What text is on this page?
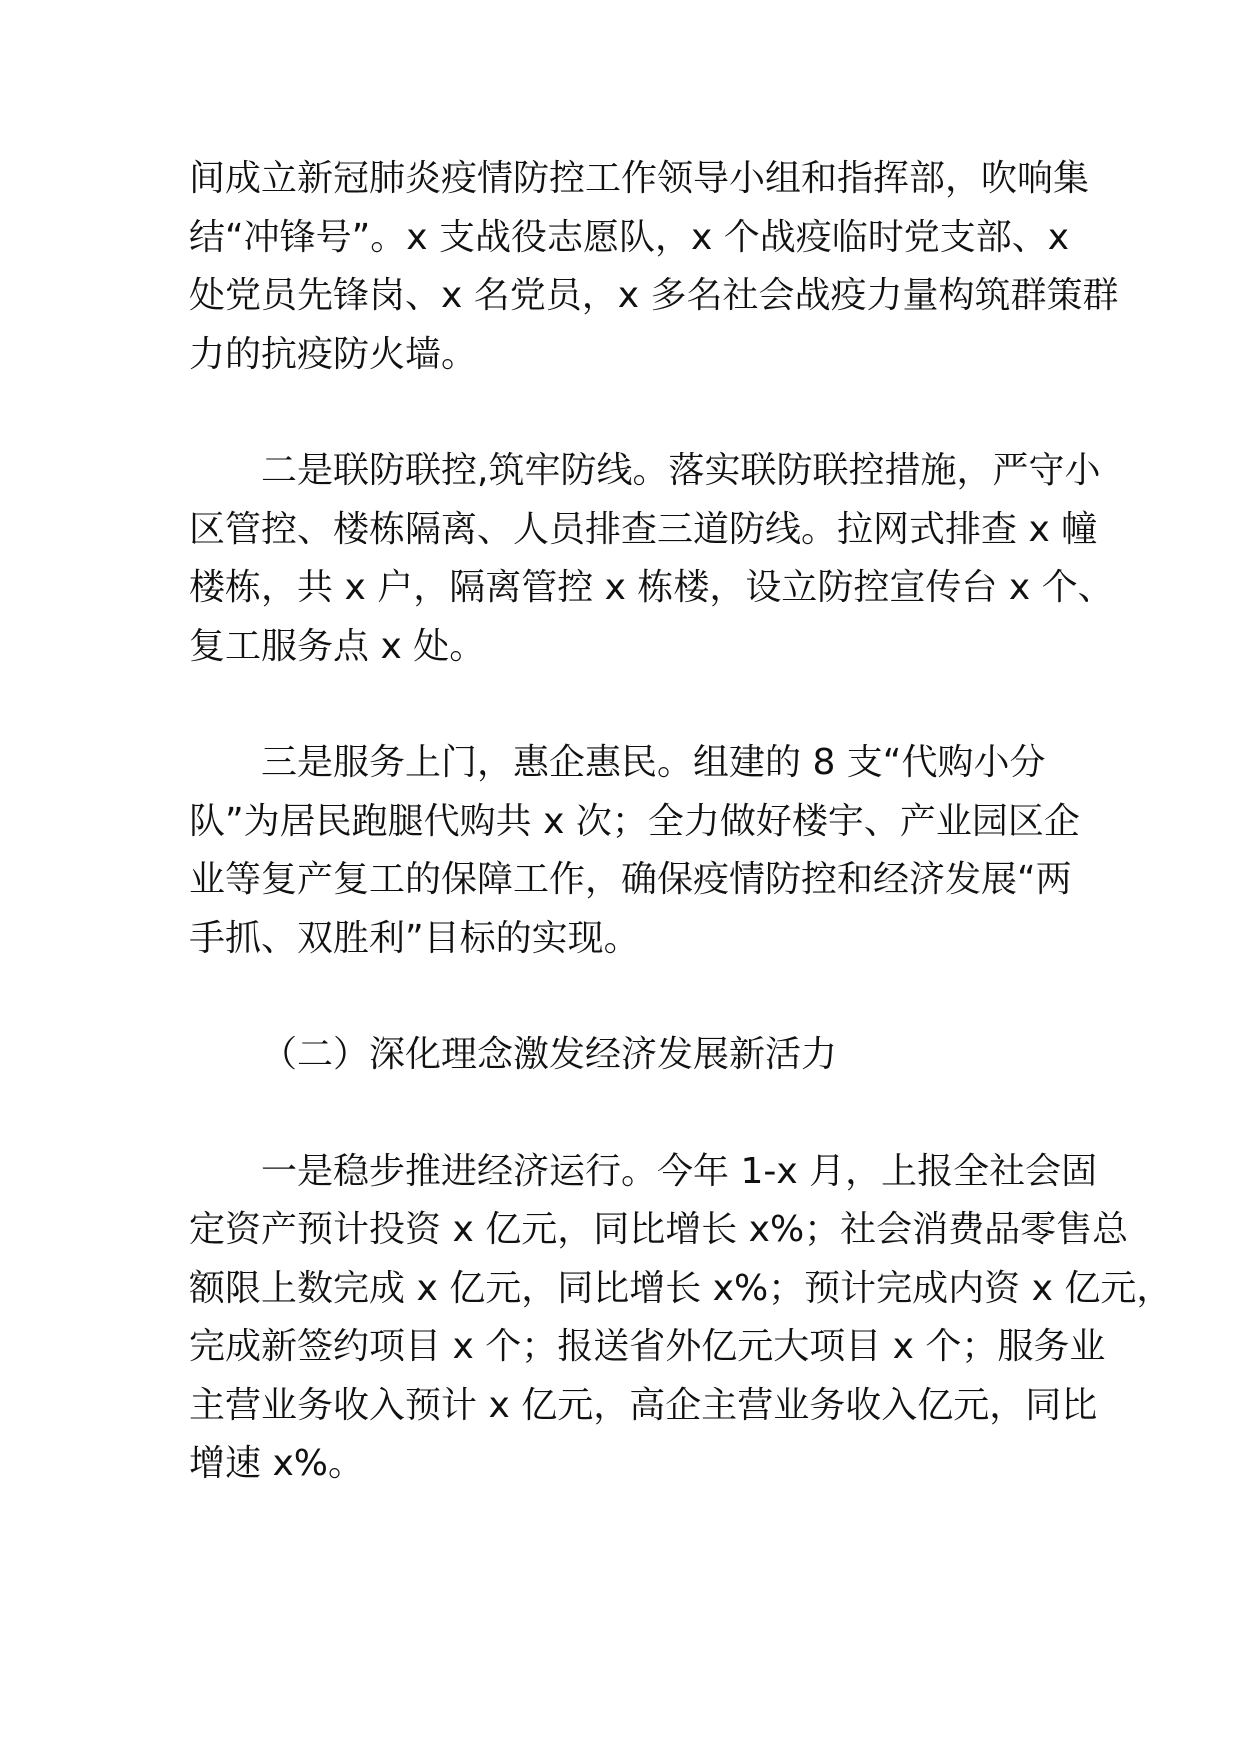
间成立新冠肺炎疫情防控工作领导小组和指挥部，吹响集
结“冲锋号”。x 支战役志愿队，x 个战疫临时党支部、x
处党员先锋岗、x 名党员，x 多名社会战疫力量构筑群策群
力的抗疫防火墙。
二是联防联控,筑牢防线。落实联防联控措施，严守小
区管控、楼栋隔离、人员排查三道防线。拉网式排查 x 幢
楼栋，共 x 户，隔离管控 x 栋楼，设立防控宣传台 x 个、
复工服务点 x 处。
三是服务上门，惠企惠民。组建的 8 支“代购小分
队”为居民跑腿代购共 x 次；全力做好楼宇、产业园区企
业等复产复工的保障工作，确保疫情防控和经济发展“两
手抓、双胜利”目标的实现。
（二）深化理念激发经济发展新活力
一是稳步推进经济运行。今年 1-x 月，上报全社会固
定资产预计投资 x 亿元，同比增长 x%；社会消费品零售总
额限上数完成 x 亿元，同比增长 x%；预计完成内资 x 亿元，
完成新签约项目 x 个；报送省外亿元大项目 x 个；服务业
主营业务收入预计 x 亿元，高企主营业务收入亿元，同比
增速 x%。
